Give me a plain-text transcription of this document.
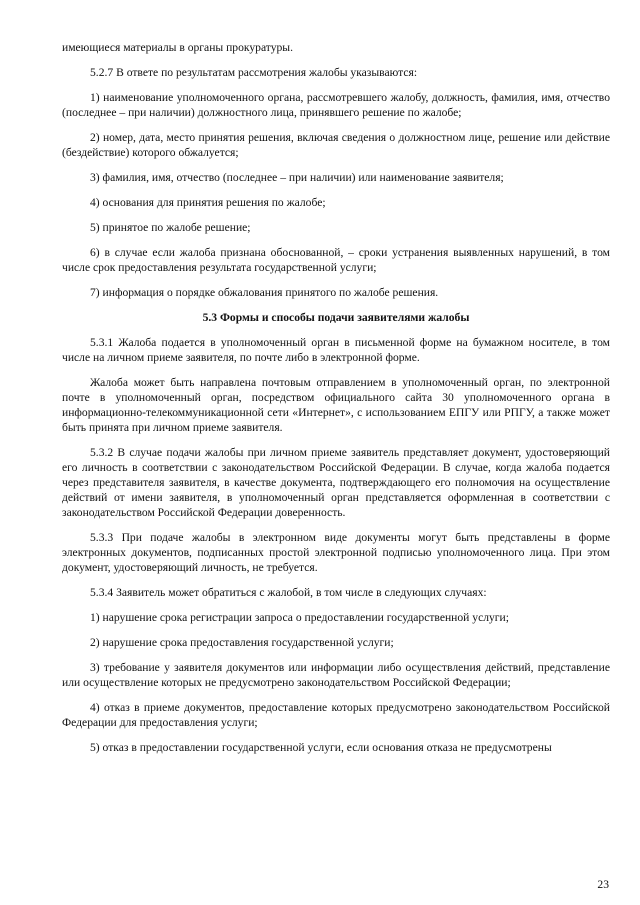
имеющиеся материалы в органы прокуратуры.

5.2.7 В ответе по результатам рассмотрения жалобы указываются:

1) наименование уполномоченного органа, рассмотревшего жалобу, должность, фамилия, имя, отчество (последнее – при наличии) должностного лица, принявшего решение по жалобе;

2) номер, дата, место принятия решения, включая сведения о должностном лице, решение или действие (бездействие) которого обжалуется;

3) фамилия, имя, отчество (последнее – при наличии) или наименование заявителя;

4) основания для принятия решения по жалобе;

5) принятое по жалобе решение;

6) в случае если жалоба признана обоснованной, – сроки устранения выявленных нарушений, в том числе срок предоставления результата государственной услуги;

7) информация о порядке обжалования принятого по жалобе решения.

5.3 Формы и способы подачи заявителями жалобы

5.3.1 Жалоба подается в уполномоченный орган в письменной форме на бумажном носителе, в том числе на личном приеме заявителя, по почте либо в электронной форме.

Жалоба может быть направлена почтовым отправлением в уполномоченный орган, по электронной почте в уполномоченный орган, посредством официального сайта 30 уполномоченного органа в информационно-телекоммуникационной сети «Интернет», с использованием ЕПГУ или РПГУ, а также может быть принята при личном приеме заявителя.

5.3.2 В случае подачи жалобы при личном приеме заявитель представляет документ, удостоверяющий его личность в соответствии с законодательством Российской Федерации. В случае, когда жалоба подается через представителя заявителя, в качестве документа, подтверждающего его полномочия на осуществление действий от имени заявителя, в уполномоченный орган представляется оформленная в соответствии с законодательством Российской Федерации доверенность.

5.3.3 При подаче жалобы в электронном виде документы могут быть представлены в форме электронных документов, подписанных простой электронной подписью уполномоченного лица. При этом документ, удостоверяющий личность, не требуется.

5.3.4 Заявитель может обратиться с жалобой, в том числе в следующих случаях:

1) нарушение срока регистрации запроса о предоставлении государственной услуги;

2) нарушение срока предоставления государственной услуги;

3) требование у заявителя документов или информации либо осуществления действий, представление или осуществление которых не предусмотрено законодательством Российской Федерации;

4) отказ в приеме документов, предоставление которых предусмотрено законодательством Российской Федерации для предоставления услуги;

5) отказ в предоставлении государственной услуги, если основания отказа не предусмотрены

23
